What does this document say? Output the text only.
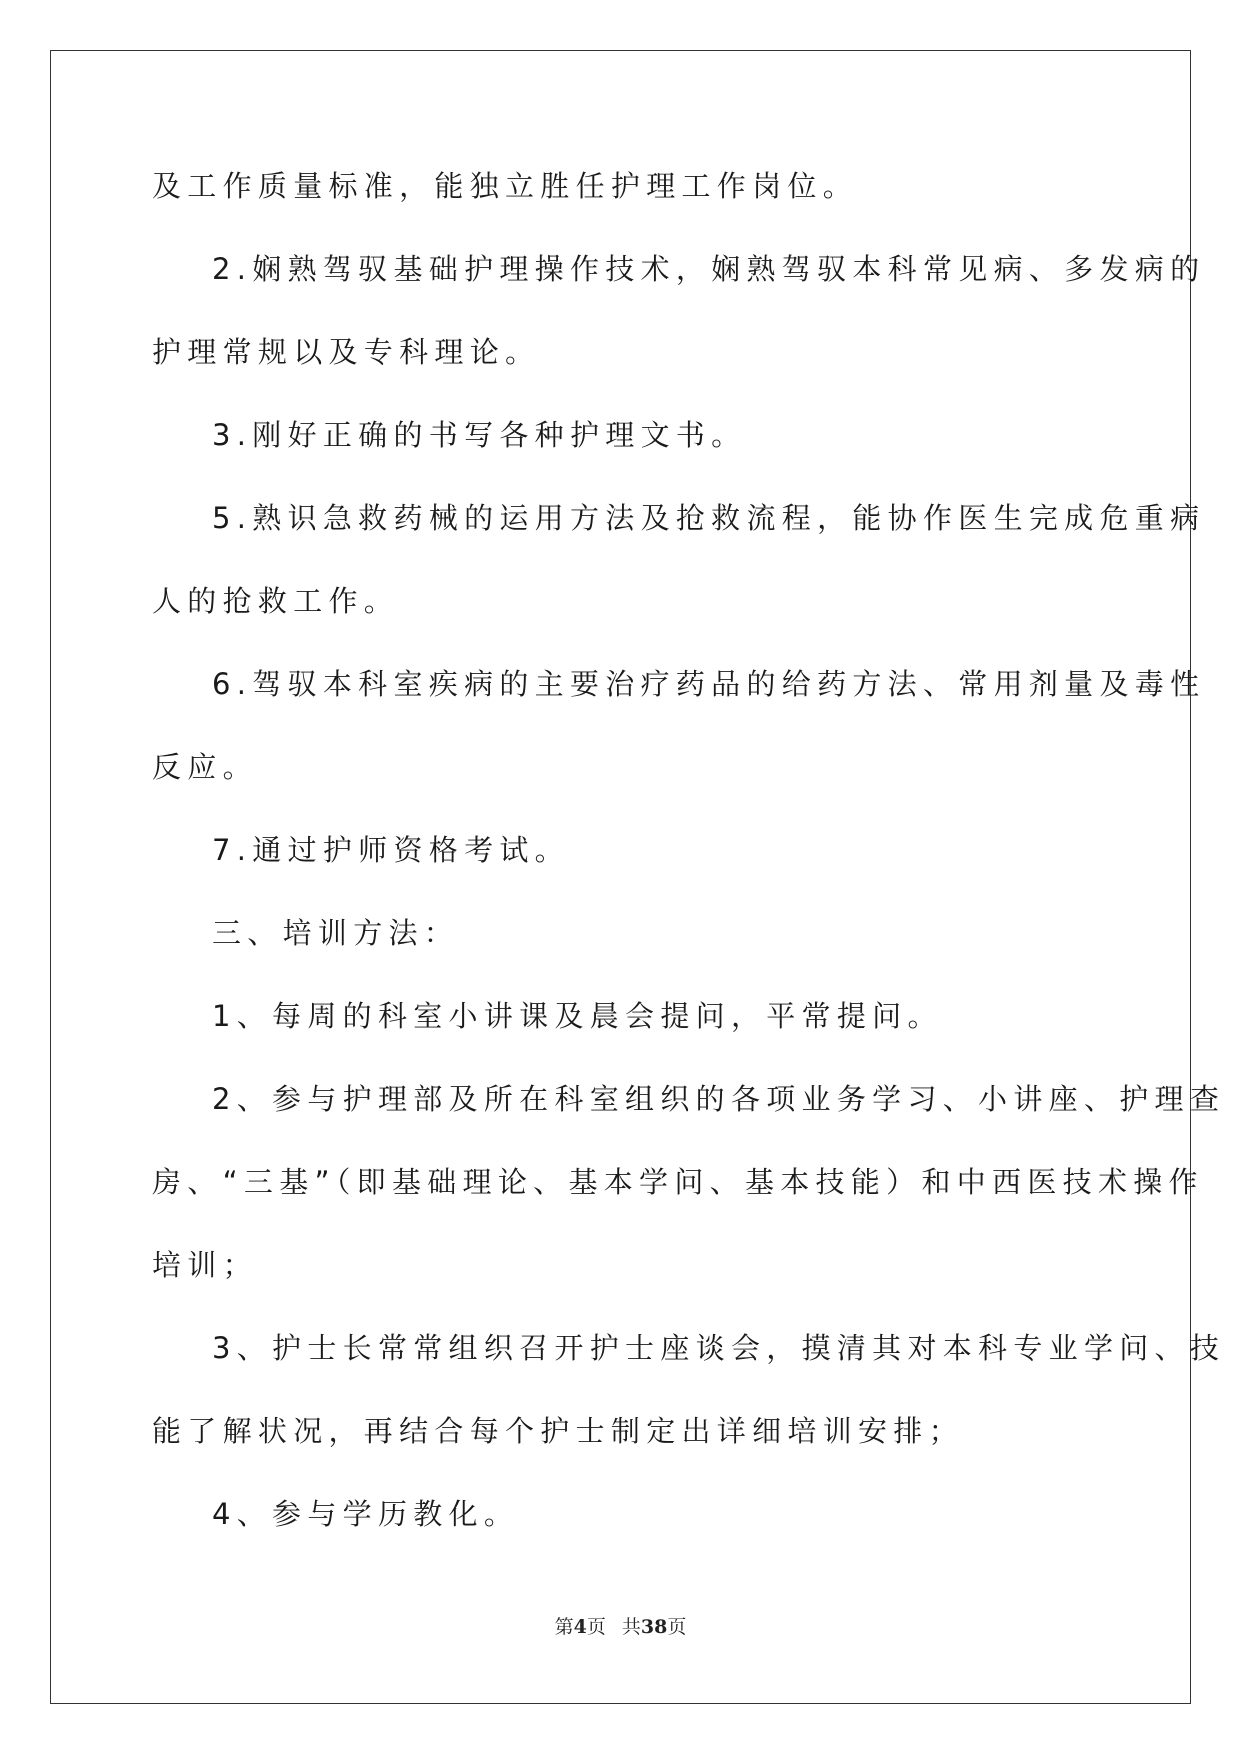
及工作质量标准，能独立胜任护理工作岗位。
2.娴熟驾驭基础护理操作技术，娴熟驾驭本科常见病、多发病的
护理常规以及专科理论。
3.刚好正确的书写各种护理文书。
5.熟识急救药械的运用方法及抢救流程，能协作医生完成危重病
人的抢救工作。
6.驾驭本科室疾病的主要治疗药品的给药方法、常用剂量及毒性
反应。
7.通过护师资格考试。
三、培训方法：
1、每周的科室小讲课及晨会提问，平常提问。
2、参与护理部及所在科室组织的各项业务学习、小讲座、护理查
房、“三基”（即基础理论、基本学问、基本技能）和中西医技术操作
培训；
3、护士长常常组织召开护士座谈会，摸清其对本科专业学问、技
能了解状况，再结合每个护士制定出详细培训安排；
4、参与学历教化。
第4页 共38页
